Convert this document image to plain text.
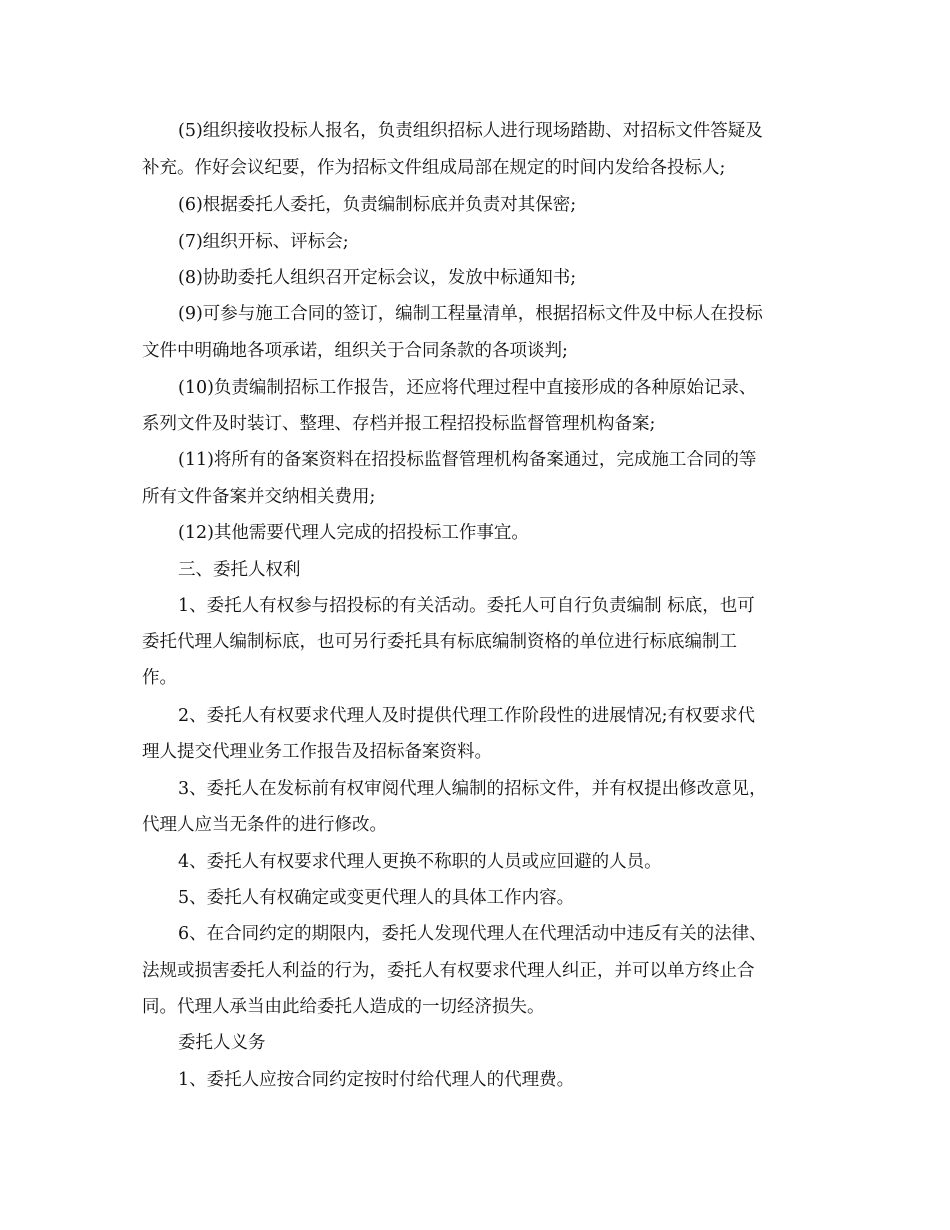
(5)组织接收投标人报名，负责组织招标人进行现场踏勘、对招标文件答疑及

补充。作好会议纪要，作为招标文件组成局部在规定的时间内发给各投标人;

(6)根据委托人委托，负责编制标底并负责对其保密;

(7)组织开标、评标会;

(8)协助委托人组织召开定标会议，发放中标通知书;

(9)可参与施工合同的签订，编制工程量清单，根据招标文件及中标人在投标

文件中明确地各项承诺，组织关于合同条款的各项谈判;

(10)负责编制招标工作报告，还应将代理过程中直接形成的各种原始记录、

系列文件及时装订、整理、存档并报工程招投标监督管理机构备案;

(11)将所有的备案资料在招投标监督管理机构备案通过，完成施工合同的等

所有文件备案并交纳相关费用;

(12)其他需要代理人完成的招投标工作事宜。

三、委托人权利

1、委托人有权参与招投标的有关活动。委托人可自行负责编制 标底，也可

委托代理人编制标底，也可另行委托具有标底编制资格的单位进行标底编制工

作。

2、委托人有权要求代理人及时提供代理工作阶段性的进展情况;有权要求代

理人提交代理业务工作报告及招标备案资料。

3、委托人在发标前有权审阅代理人编制的招标文件，并有权提出修改意见，

代理人应当无条件的进行修改。

4、委托人有权要求代理人更换不称职的人员或应回避的人员。

5、委托人有权确定或变更代理人的具体工作内容。

6、在合同约定的期限内，委托人发现代理人在代理活动中违反有关的法律、

法规或损害委托人利益的行为，委托人有权要求代理人纠正，并可以单方终止合

同。代理人承当由此给委托人造成的一切经济损失。

委托人义务

1、委托人应按合同约定按时付给代理人的代理费。
